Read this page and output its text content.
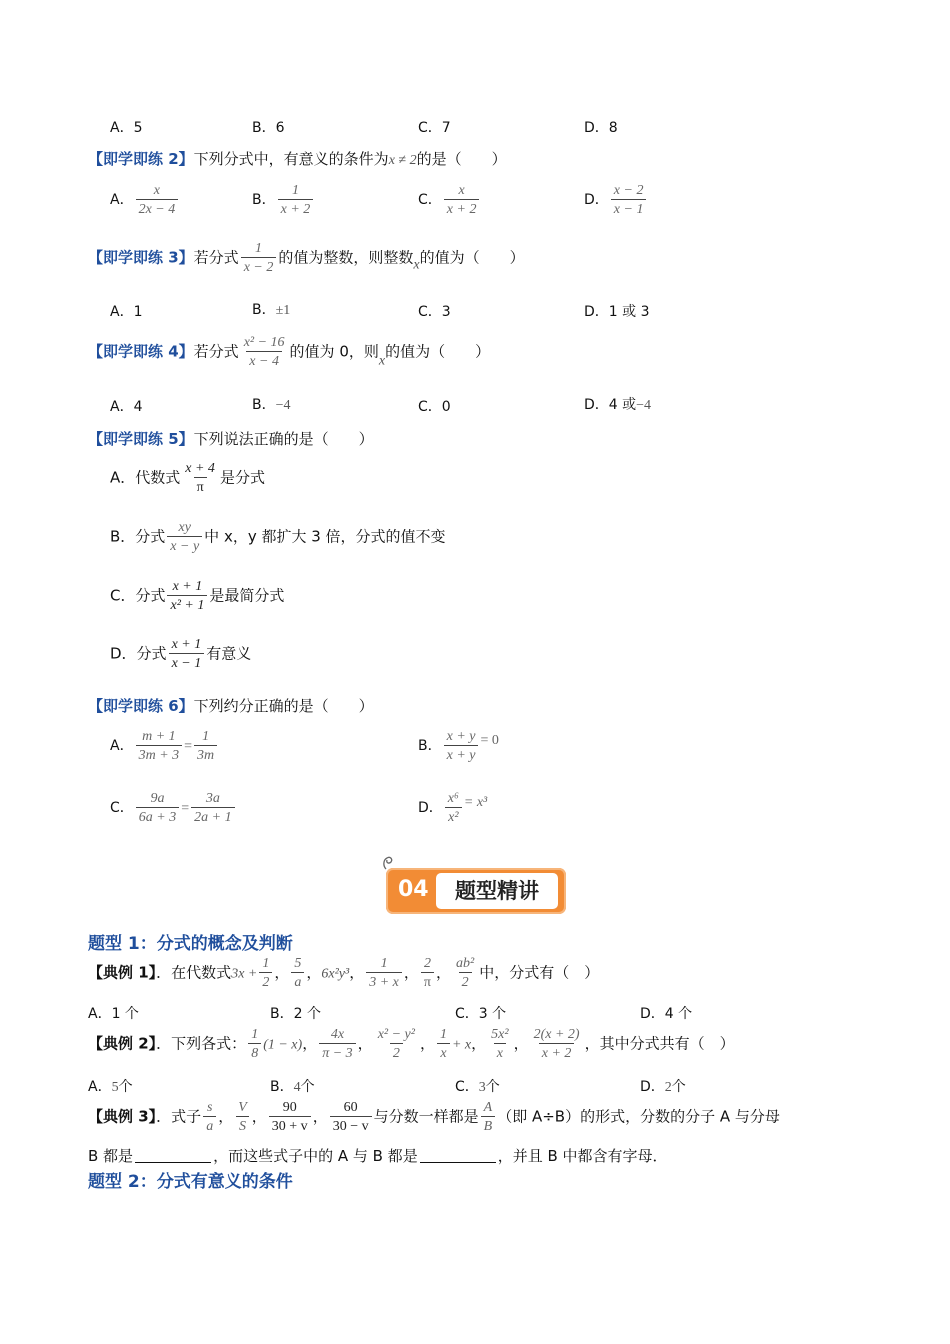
A．5	B．6	C．7	D．8
【即学即练 2】下列分式中，有意义的条件为x ≠ 2的是（　　）
A． $\frac{x}{2x - 4}$	B． $\frac{1}{x + 2}$	C． $\frac{x}{x + 2}$	D． $\frac{x - 2}{x - 1}$
【即学即练 3】若分式 $\frac{1}{x - 2}$ 的值为整数，则整数x的值为（　　）
A．1	B．±1	C．3	D．1 或 3
【即学即练 4】若分式 $\frac{\text{x² − 16}}{x - 4}$ 的值为 0，则x的值为（　　）
A．4	B．−4	C．0	D．4 或−4
【即学即练 5】下列说法正确的是（　　）
A．代数式 $\frac{x + 4}{\pi}$ 是分式
B．分式 $\frac{xy}{x - y}$ 中 x，y 都扩大 3 倍，分式的值不变
C．分式 $\frac{x + 1}{\text{x² + 1}}$ 是最简分式
D．分式 $\frac{x + 1}{x - 1}$ 有意义
【即学即练 6】下列约分正确的是（　　）
A． $\frac{m + 1}{3m + 3} = \frac{1}{3m}$	B． $\frac{x + y}{x + y} = 0$
C． $\frac{9a}{6a + 3} = \frac{3a}{2a + 1}$	D． $\frac{\text{x⁶}}{\text{x²}} = x^3$
04	题型精讲
题型 1：分式的概念及判断
【典例 1】．在代数式$3x + \frac{1}{2}$ ， $\frac{5}{a}$ ，6x²y³， $\frac{1}{3 + x}$ ， $\frac{2}{\pi}$ ， $\frac{\text{ab²}}{2}$ 中，分式有（　）
A．1 个	B．2 个	C．3 个	D．4 个
【典例 2】．下列各式： $\frac{1}{8} (1 - x)$， $\frac{4x}{\pi - 3}$ ， $\frac{\text{x² − y²}}{2}$ ， $\frac{1}{x} + x$， $\frac{\text{5x²}}{x}$ ， $\frac{2(x + 2)}{x + 2}$ ，其中分式共有（　）
A．5个	B．4个	C．3个	D．2个
【典例 3】．式子 $\frac{s}{a}$ ， $\frac{V}{S}$ ， $\frac{90}{30 + v}$ ， $\frac{60}{30 - v}$ 与分数一样都是 $\frac{A}{B}$ （即 A÷B）的形式，分数的分子 A 与分母
B 都是	，而这些式子中的 A 与 B 都是	，并且 B 中都含有字母．
题型 2：分式有意义的条件
